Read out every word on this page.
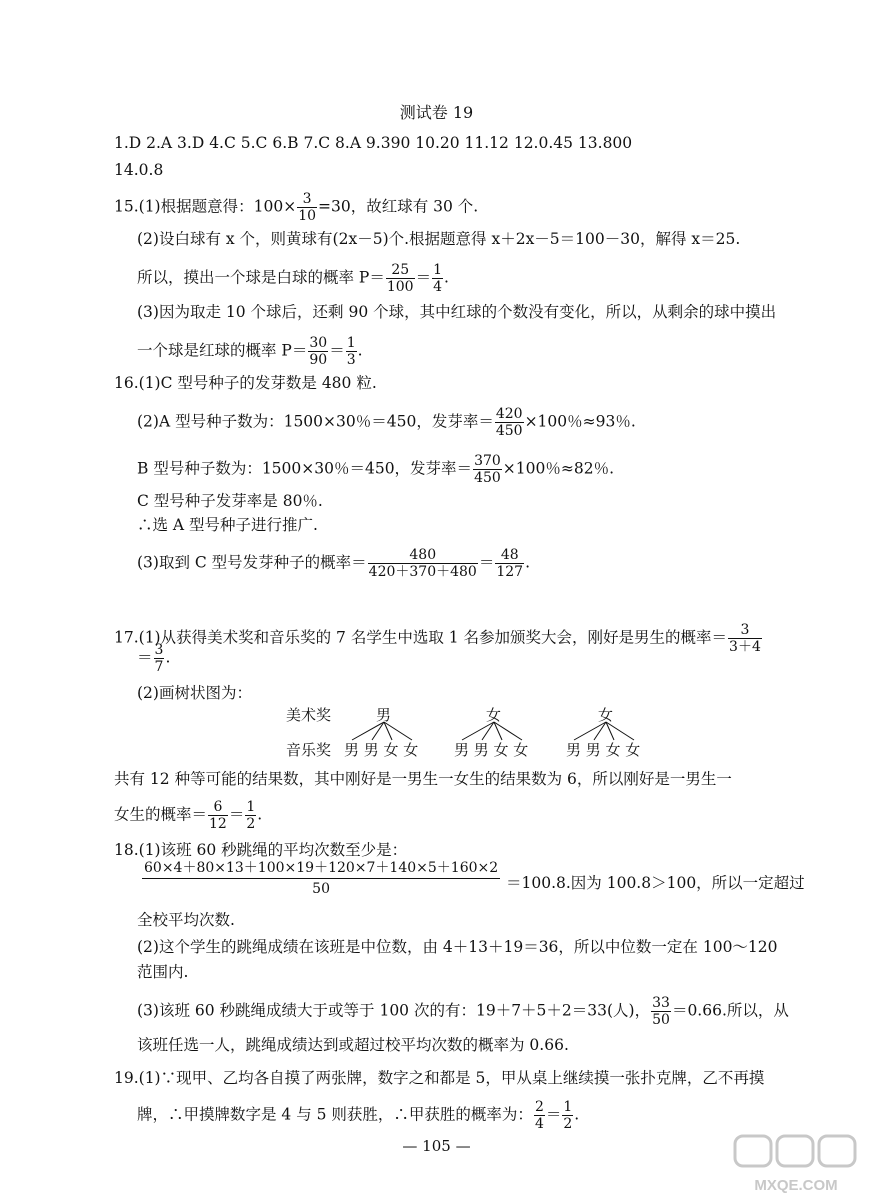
测试卷 19
1.D 2.A 3.D 4.C 5.C 6.B 7.C 8.A 9.390 10.20 11.12 12.0.45 13.800
14.0.8
15.(1)根据题意得：$100\times \frac{3}{10} =30$，故红球有 30 个.
(2)设白球有 x 个，则黄球有(2x－5)个.根据题意得 x＋2x－5＝100－30，解得 x＝25.
所以，摸出一个球是白球的概率 $P= \frac{25}{100} = \frac{1}{4}$ .
(3)因为取走 10 个球后，还剩 90 个球，其中红球的个数没有变化，所以，从剩余的球中摸出
一个球是红球的概率 $P= \frac{30}{90} = \frac{1}{3}$ .
16.(1)C 型号种子的发芽数是 480 粒.
(2)A 型号种子数为：1500×30％＝450，发芽率＝ $\frac{420}{450} \times 100$％≈93％.
B 型号种子数为：1500×30％＝450，发芽率＝ $\frac{370}{450} \times 100$％≈82％.
C 型号种子发芽率是 80％.
∴选 A 型号种子进行推广.
(3)取到 C 型号发芽种子的概率＝ $\frac{480}{420+370+480} = \frac{48}{127}$ .
17.(1)从获得美术奖和音乐奖的 7 名学生中选取 1 名参加颁奖大会，刚好是男生的概率＝ $\frac{3}{3+4}$
＝ $\frac{3}{7}$ .
(2)画树状图为：
美术奖
音乐奖
男	女	女
男 男 女 女 男 男 女 女	男 男 女 女
共有 12 种等可能的结果数，其中刚好是一男生一女生的结果数为 6，所以刚好是一男生一
女生的概率＝ $\frac{6}{12} = \frac{1}{2}$ .
18.(1)该班 60 秒跳绳的平均次数至少是：
60×4＋80×13＋100×19＋120×7＋140×5＋160×2
50	＝100.8.因为 100.8＞100，所以一定超过
全校平均次数.
(2)这个学生的跳绳成绩在该班是中位数，由 4＋13＋19＝36，所以中位数一定在 100～120
范围内.
(3)该班 60 秒跳绳成绩大于或等于 100 次的有：19＋7＋5＋2＝33(人)， $\frac{33}{50} =0.66$.所以，从
该班任选一人，跳绳成绩达到或超过校平均次数的概率为 0.66.
19.(1)∵现甲、乙均各自摸了两张牌，数字之和都是 5，甲从桌上继续摸一张扑克牌，乙不再摸
牌，∴甲摸牌数字是 4 与 5 则获胜，∴甲获胜的概率为： $\frac{2}{4} = \frac{1}{2}$ .
— 105 —
MXQE.COM
